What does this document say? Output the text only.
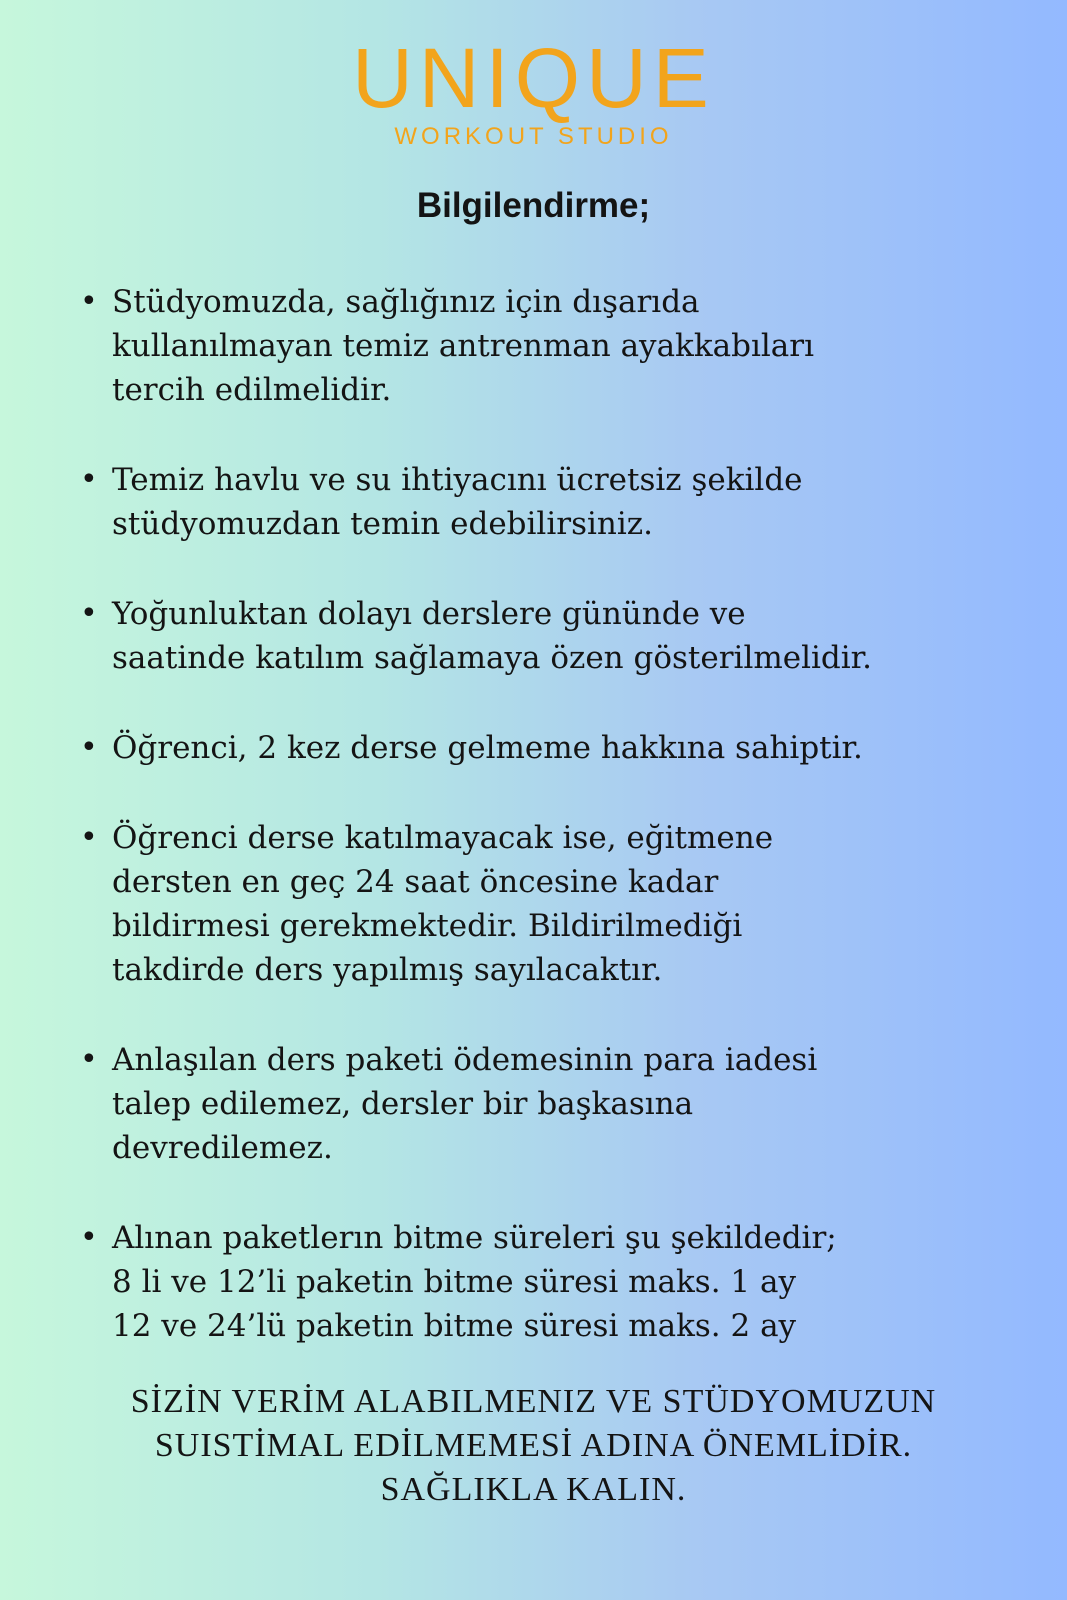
UNIQUE
WORKOUT STUDIO
Bilgilendirme;
• Stüdyomuzda, sağlığınız için dışarıda
kullanılmayan temiz antrenman ayakkabıları
tercih edilmelidir.
• Temiz havlu ve su ihtiyacını ücretsiz şekilde
stüdyomuzdan temin edebilirsiniz.
• Yoğunluktan dolayı derslere gününde ve
saatinde katılım sağlamaya özen gösterilmelidir.
• Öğrenci, 2 kez derse gelmeme hakkına sahiptir.
• Öğrenci derse katılmayacak ise, eğitmene
dersten en geç 24 saat öncesine kadar
bildirmesi gerekmektedir. Bildirilmediği
takdirde ders yapılmış sayılacaktır.
• Anlaşılan ders paketi ödemesinin para iadesi
talep edilemez, dersler bir başkasına
devredilemez.
• Alınan paketlerın bitme süreleri şu şekildedir;
8 li ve 12’li paketin bitme süresi maks. 1 ay
12 ve 24’lü paketin bitme süresi maks. 2 ay
SİZİN VERİM ALABILMENIZ VE STÜDYOMUZUN
SUISTİMAL EDİLMEMESİ ADINA ÖNEMLİDİR.
SAĞLIKLA KALIN.
